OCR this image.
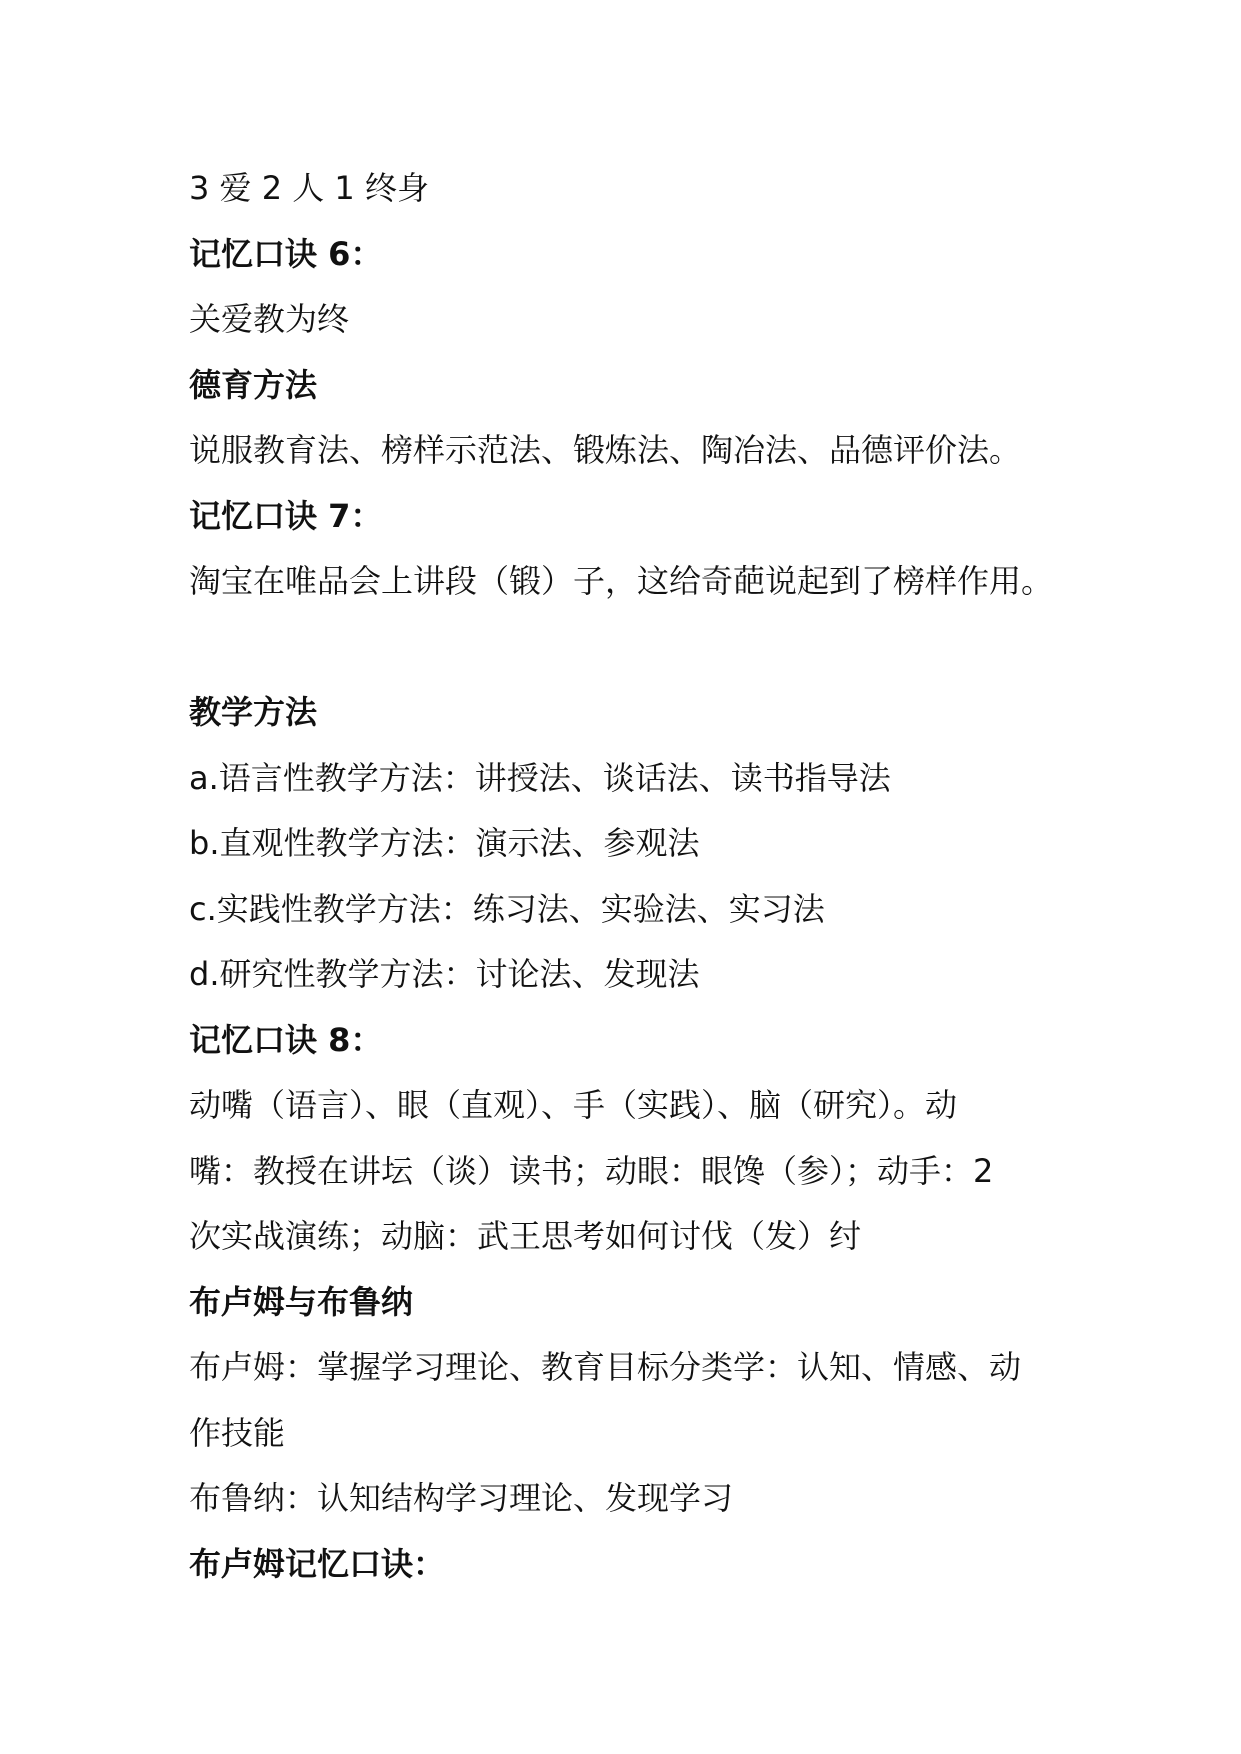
3 爱 2 人 1 终身
记忆口诀 6：
关爱教为终
德育方法
说服教育法、榜样示范法、锻炼法、陶冶法、品德评价法。
记忆口诀 7：
淘宝在唯品会上讲段（锻）子，这给奇葩说起到了榜样作用。
教学方法
a.语言性教学方法：讲授法、谈话法、读书指导法
b.直观性教学方法：演示法、参观法
c.实践性教学方法：练习法、实验法、实习法
d.研究性教学方法：讨论法、发现法
记忆口诀 8：
动嘴（语言）、眼（直观）、手（实践）、脑（研究）。动
嘴：教授在讲坛（谈）读书；动眼：眼馋（参）；动手：2
次实战演练；动脑：武王思考如何讨伐（发）纣
布卢姆与布鲁纳
布卢姆：掌握学习理论、教育目标分类学：认知、情感、动
作技能
布鲁纳：认知结构学习理论、发现学习
布卢姆记忆口诀：
